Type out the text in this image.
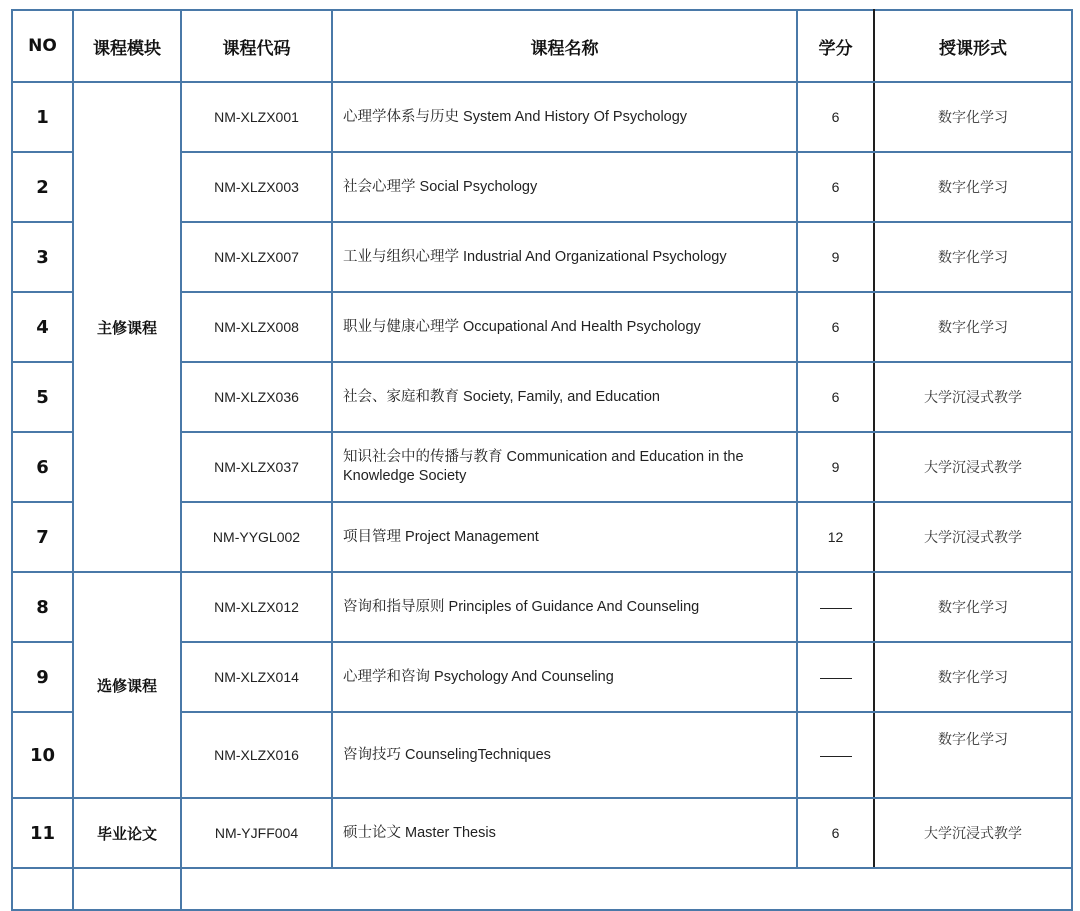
NO	课程模块	课程代码	课程名称	学分	授课形式
1	主修课程	NM-XLZX001	心理学体系与历史 System And History Of Psychology	6	数字化学习
2		NM-XLZX003	社会心理学 Social Psychology	6	数字化学习
3		NM-XLZX007	工业与组织心理学 Industrial And Organizational Psychology	9	数字化学习
4		NM-XLZX008	职业与健康心理学 Occupational And Health Psychology	6	数字化学习
5		NM-XLZX036	社会、家庭和教育 Society, Family, and Education	6	大学沉浸式教学
6		NM-XLZX037	知识社会中的传播与教育 Communication and Education in the Knowledge Society	9	大学沉浸式教学
7		NM-YYGL002	项目管理 Project Management	12	大学沉浸式教学
8	选修课程	NM-XLZX012	咨询和指导原则 Principles of Guidance And Counseling		数字化学习
9		NM-XLZX014	心理学和咨询 Psychology And Counseling		数字化学习
10		NM-XLZX016	咨询技巧 CounselingTechniques		数字化学习
11	毕业论文	NM-YJFF004	硕士论文 Master Thesis	6	大学沉浸式教学
